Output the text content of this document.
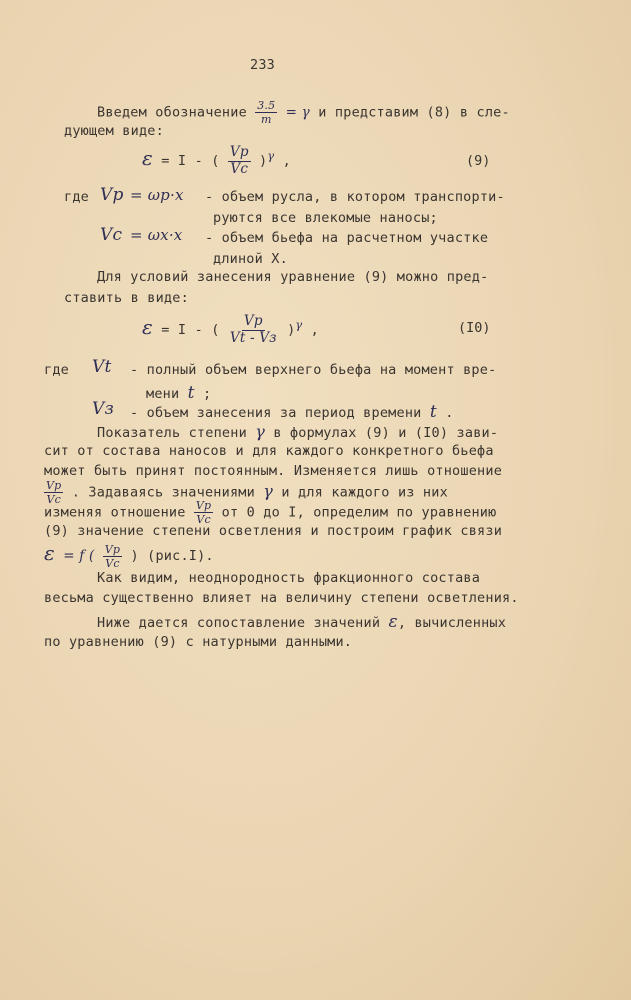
233
Введем обозначение $\frac{3.5}{m} = \gamma$ и представим (8) в сле-
дующем виде:
ε = I - ( $\frac{Vр}{Vс} )^\gamma$ ,	(9)
где Vр = ωр·x - объем русла, в котором транспорти-
руются все влекомые наносы;
Vс = ωx·x - объем бьефа на расчетном участке
длиной Х.
Для условий занесения уравнение (9) можно пред-
ставить в виде:
ε = I - ( $\frac{Vр}{Vt - Vз} )^\gamma$ ,	(I0)
где Vt - полный объем верхнего бьефа на момент вре-
мени t ;
Vз - объем занесения за период времени t .
Показатель степени γ в формулах (9) и (I0) зави-
сит от состава наносов и для каждого конкретного бьефа
может быть принят постоянным. Изменяется лишь отношение
$\frac{Vр}{Vс}$ . Задаваясь значениями γ и для каждого из них
изменяя отношение $\frac{Vр}{Vс}$ от 0 до I, определим по уравнению
(9) значение степени осветления и построим график связи
ε = f ( $\frac{Vр}{Vс}$ ) (рис.I).
Как видим, неоднородность фракционного состава
весьма существенно влияет на величину степени осветления.
Ниже дается сопоставление значений ε, вычисленных
по уравнению (9) с натурными данными.
